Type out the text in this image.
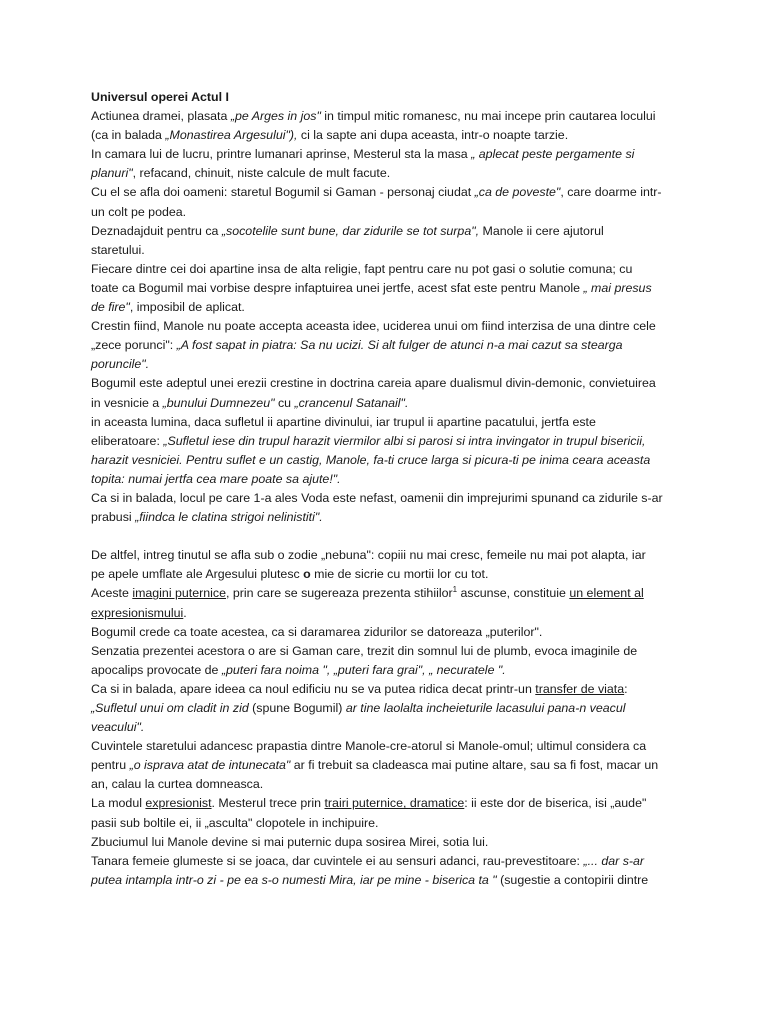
Universul operei Actul I
Actiunea dramei, plasata „pe Arges in jos" in timpul mitic romanesc, nu mai incepe prin cautarea locului
(ca in balada „Monastirea Argesului"), ci la sapte ani dupa aceasta, intr-o noapte tarzie.
In camara lui de lucru, printre lumanari aprinse, Mesterul sta la masa „ aplecat peste pergamente si
planuri", refacand, chinuit, niste calcule de mult facute.
Cu el se afla doi oameni: staretul Bogumil si Gaman - personaj ciudat „ca de poveste", care doarme intr-
un colt pe podea.
Deznadajduit pentru ca „socotelile sunt bune, dar zidurile se tot surpa", Manole ii cere ajutorul
staretului.
Fiecare dintre cei doi apartine insa de alta religie, fapt pentru care nu pot gasi o solutie comuna; cu
toate ca Bogumil mai vorbise despre infaptuirea unei jertfe, acest sfat este pentru Manole „ mai presus
de fire", imposibil de aplicat.
Crestin fiind, Manole nu poate accepta aceasta idee, uciderea unui om fiind interzisa de una dintre cele
„zece porunci": „A fost sapat in piatra: Sa nu ucizi. Si alt fulger de atunci n-a mai cazut sa stearga
poruncile".
Bogumil este adeptul unei erezii crestine in doctrina careia apare dualismul divin-demonic, convietuirea
in vesnicie a „bunului Dumnezeu" cu „crancenul Satanail".
in aceasta lumina, daca sufletul ii apartine divinului, iar trupul ii apartine pacatului, jertfa este
eliberatoare: „Sufletul iese din trupul harazit viermilor albi si parosi si intra invingator in trupul bisericii,
harazit vesniciei. Pentru suflet e un castig, Manole, fa-ti cruce larga si picura-ti pe inima ceara aceasta
topita: numai jertfa cea mare poate sa ajute!".
Ca si in balada, locul pe care 1-a ales Voda este nefast, oamenii din imprejurimi spunand ca zidurile s-ar
prabusi „fiindca le clatina strigoi nelinistiti".
De altfel, intreg tinutul se afla sub o zodie „nebuna": copiii nu mai cresc, femeile nu mai pot alapta, iar
pe apele umflate ale Argesului plutesc o mie de sicrie cu mortii lor cu tot.
Aceste imagini puternice, prin care se sugereaza prezenta stihiilor$^1$ ascunse, constituie un element al
expresionismului.
Bogumil crede ca toate acestea, ca si daramarea zidurilor se datoreaza „puterilor".
Senzatia prezentei acestora o are si Gaman care, trezit din somnul lui de plumb, evoca imaginile de
apocalips provocate de „puteri fara noima ", „puteri fara grai", „ necuratele ".
Ca si in balada, apare ideea ca noul edificiu nu se va putea ridica decat printr-un transfer de viata:
„Sufletul unui om cladit in zid (spune Bogumil) ar tine laolalta incheieturile lacasului pana-n veacul
veacului".
Cuvintele staretului adancesc prapastia dintre Manole-cre-atorul si Manole-omul; ultimul considera ca
pentru „o isprava atat de intunecata" ar fi trebuit sa cladeasca mai putine altare, sau sa fi fost, macar un
an, calau la curtea domneasca.
La modul expresionist. Mesterul trece prin trairi puternice, dramatice: ii este dor de biserica, isi „aude"
pasii sub boltile ei, ii „asculta" clopotele in inchipuire.
Zbuciumul lui Manole devine si mai puternic dupa sosirea Mirei, sotia lui.
Tanara femeie glumeste si se joaca, dar cuvintele ei au sensuri adanci, rau-prevestitoare: „... dar s-ar
putea intampla intr-o zi - pe ea s-o numesti Mira, iar pe mine - biserica ta " (sugestie a contopirii dintre
